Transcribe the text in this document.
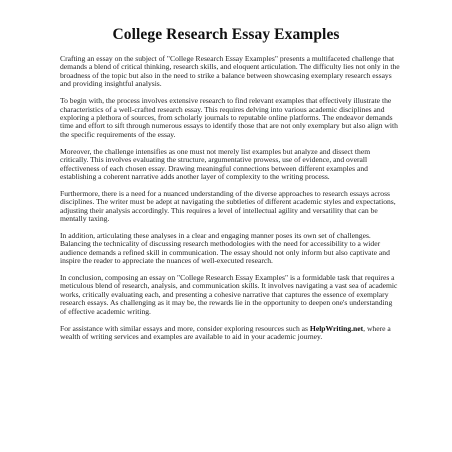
College Research Essay Examples

Crafting an essay on the subject of "College Research Essay Examples" presents a multifaceted challenge that demands a blend of critical thinking, research skills, and eloquent articulation. The difficulty lies not only in the broadness of the topic but also in the need to strike a balance between showcasing exemplary research essays and providing insightful analysis.

To begin with, the process involves extensive research to find relevant examples that effectively illustrate the characteristics of a well-crafted research essay. This requires delving into various academic disciplines and exploring a plethora of sources, from scholarly journals to reputable online platforms. The endeavor demands time and effort to sift through numerous essays to identify those that are not only exemplary but also align with the specific requirements of the essay.

Moreover, the challenge intensifies as one must not merely list examples but analyze and dissect them critically. This involves evaluating the structure, argumentative prowess, use of evidence, and overall effectiveness of each chosen essay. Drawing meaningful connections between different examples and establishing a coherent narrative adds another layer of complexity to the writing process.

Furthermore, there is a need for a nuanced understanding of the diverse approaches to research essays across disciplines. The writer must be adept at navigating the subtleties of different academic styles and expectations, adjusting their analysis accordingly. This requires a level of intellectual agility and versatility that can be mentally taxing.

In addition, articulating these analyses in a clear and engaging manner poses its own set of challenges. Balancing the technicality of discussing research methodologies with the need for accessibility to a wider audience demands a refined skill in communication. The essay should not only inform but also captivate and inspire the reader to appreciate the nuances of well-executed research.

In conclusion, composing an essay on "College Research Essay Examples" is a formidable task that requires a meticulous blend of research, analysis, and communication skills. It involves navigating a vast sea of academic works, critically evaluating each, and presenting a cohesive narrative that captures the essence of exemplary research essays. As challenging as it may be, the rewards lie in the opportunity to deepen one's understanding of effective academic writing.

For assistance with similar essays and more, consider exploring resources such as HelpWriting.net, where a wealth of writing services and examples are available to aid in your academic journey.
